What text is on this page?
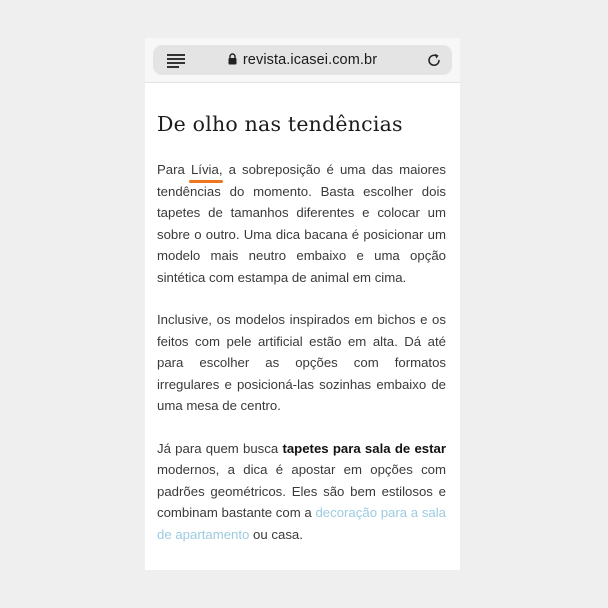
revista.icasei.com.br
De olho nas tendências

Para Lívia, a sobreposição é uma das maiores tendências do momento. Basta escolher dois tapetes de tamanhos diferentes e colocar um sobre o outro. Uma dica bacana é posicionar um modelo mais neutro embaixo e uma opção sintética com estampa de animal em cima.

Inclusive, os modelos inspirados em bichos e os feitos com pele artificial estão em alta. Dá até para escolher as opções com formatos irregulares e posicioná-las sozinhas embaixo de uma mesa de centro.

Já para quem busca tapetes para sala de estar modernos, a dica é apostar em opções com padrões geométricos. Eles são bem estilosos e combinam bastante com a decoração para a sala de apartamento ou casa.
